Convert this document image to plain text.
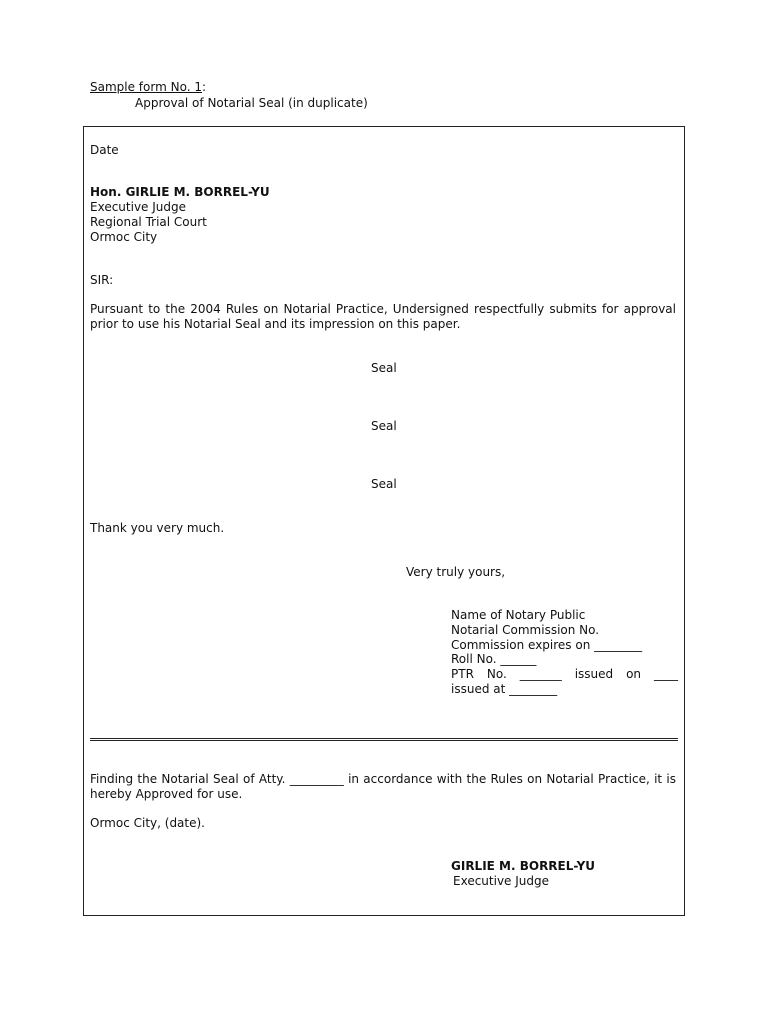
Sample form No. 1:
Approval of Notarial Seal (in duplicate)
Date
Hon. GIRLIE M. BORREL-YU
Executive Judge
Regional Trial Court
Ormoc City
SIR:
Pursuant to the 2004 Rules on Notarial Practice, Undersigned respectfully submits for approval prior to use his Notarial Seal and its impression on this paper.
Seal
Seal
Seal
Thank you very much.
Very truly yours,
Name of Notary Public
Notarial Commission No.
Commission expires on ________
Roll No. ______
PTR No. _______ issued on ____
issued at ________
Finding the Notarial Seal of Atty. _________ in accordance with the Rules on Notarial Practice, it is hereby Approved for use.
Ormoc City, (date).
GIRLIE M. BORREL-YU
Executive Judge
